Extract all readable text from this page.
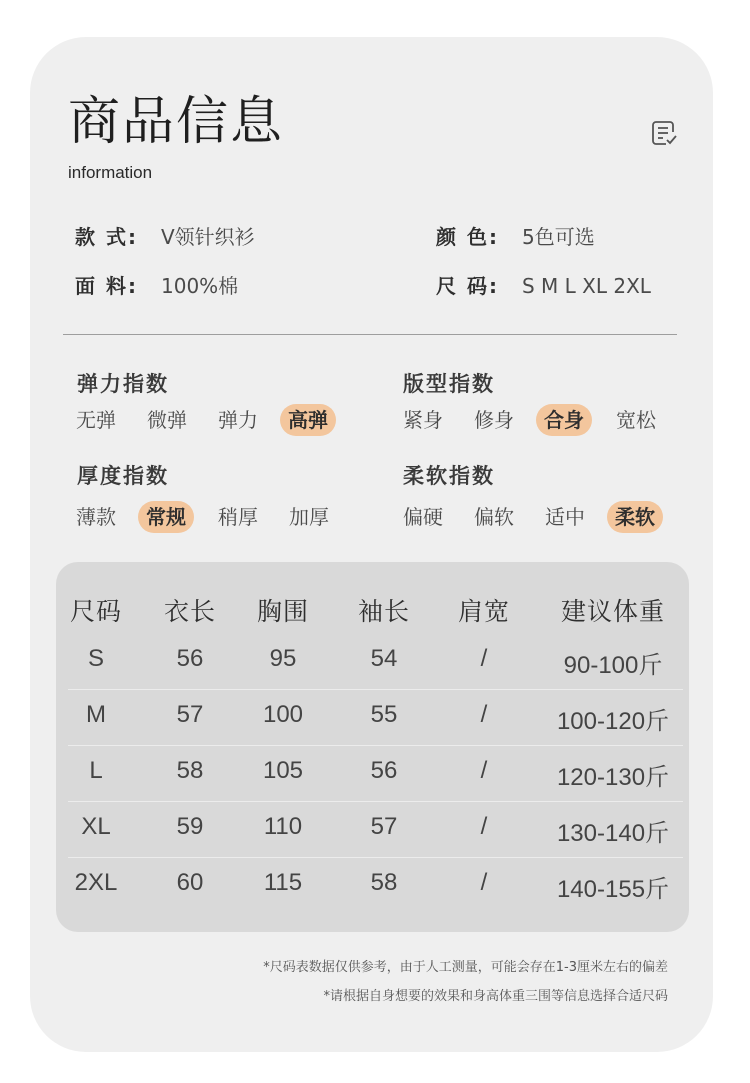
商品信息
information
款 式: V领针织衫	颜 色: 5色可选
面 料: 100%棉	尺 码: S M L XL 2XL
弹力指数
无弹	微弹	弹力	高弹
版型指数
紧身	修身	合身	宽松
厚度指数
薄款	常规	稍厚	加厚
柔软指数
偏硬	偏软	适中	柔软
尺码 衣长 胸围 袖长 肩宽 建议体重
S	56	95	54	/	90-100斤
M	57 100	55	/	100-120斤
L	58 105	56	/	120-130斤
XL	59	110	57	/	130-140斤
2XL 60	115	58	/	140-155斤
*尺码表数据仅供参考，由于人工测量，可能会存在1-3厘米左右的偏差
*请根据自身想要的效果和身高体重三围等信息选择合适尺码
